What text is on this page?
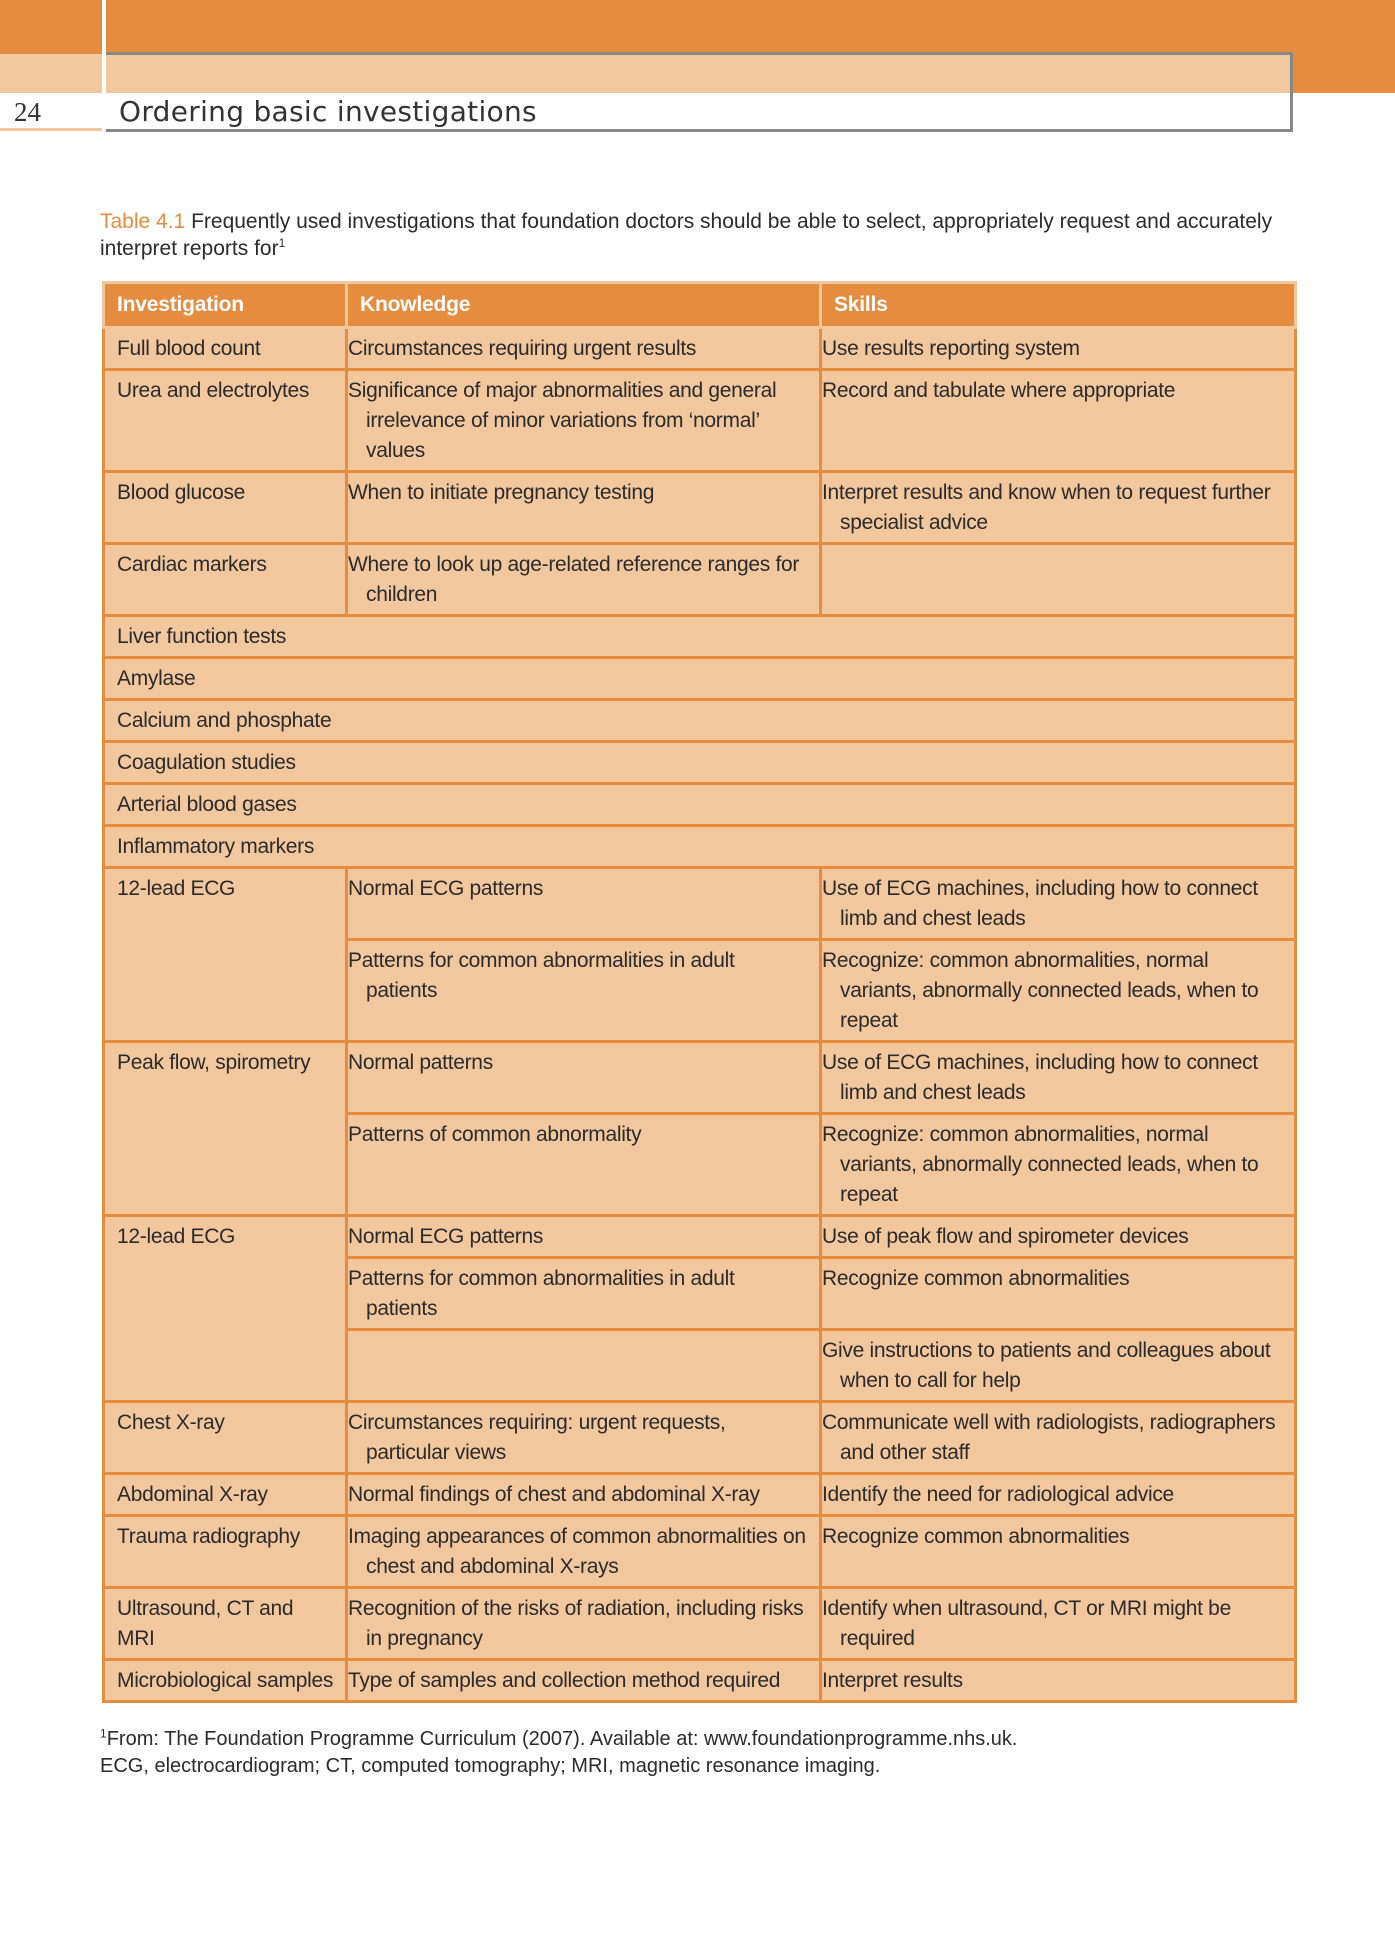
24	Ordering basic investigations
Table 4.1 Frequently used investigations that foundation doctors should be able to select, appropriately request and accurately interpret reports for$^1$
Investigation	Knowledge	Skills
Full blood count	Circumstances requiring urgent results	Use results reporting system

Urea and electrolytes	Significance of major abnormalities and general irrelevance of minor variations from ‘normal’ values	Record and tabulate where appropriate

Blood glucose	When to initiate pregnancy testing	Interpret results and know when to request further specialist advice

Cardiac markers	Where to look up age-related reference ranges for children	

Liver function tests		
Amylase		
Calcium and phosphate		
Coagulation studies		
Arterial blood gases		
Inflammatory markers		
12-lead ECG	Normal ECG patterns	Use of ECG machines, including how to connect limb and chest leads

	Patterns for common abnormalities in adult patients	Recognize: common abnormalities, normal variants, abnormally connected leads, when to repeat

Peak flow, spirometry	Normal patterns	Use of ECG machines, including how to connect limb and chest leads

	Patterns of common abnormality	Recognize: common abnormalities, normal variants, abnormally connected leads, when to repeat

12-lead ECG	Normal ECG patterns	Use of peak flow and spirometer devices

	Patterns for common abnormalities in adult patients	Recognize common abnormalities

		Give instructions to patients and colleagues about when to call for help

Chest X-ray	Circumstances requiring: urgent requests, particular views	Communicate well with radiologists, radiographers and other staff

Abdominal X-ray	Normal findings of chest and abdominal X-ray	Identify the need for radiological advice

Trauma radiography	Imaging appearances of common abnormalities on chest and abdominal X-rays	Recognize common abnormalities

Ultrasound, CT and MRI	Recognition of the risks of radiation, including risks in pregnancy	Identify when ultrasound, CT or MRI might be required

Microbiological samples	Type of samples and collection method required	Interpret results
$^1$From: The Foundation Programme Curriculum (2007). Available at: www.foundationprogramme.nhs.uk.
ECG, electrocardiogram; CT, computed tomography; MRI, magnetic resonance imaging.
